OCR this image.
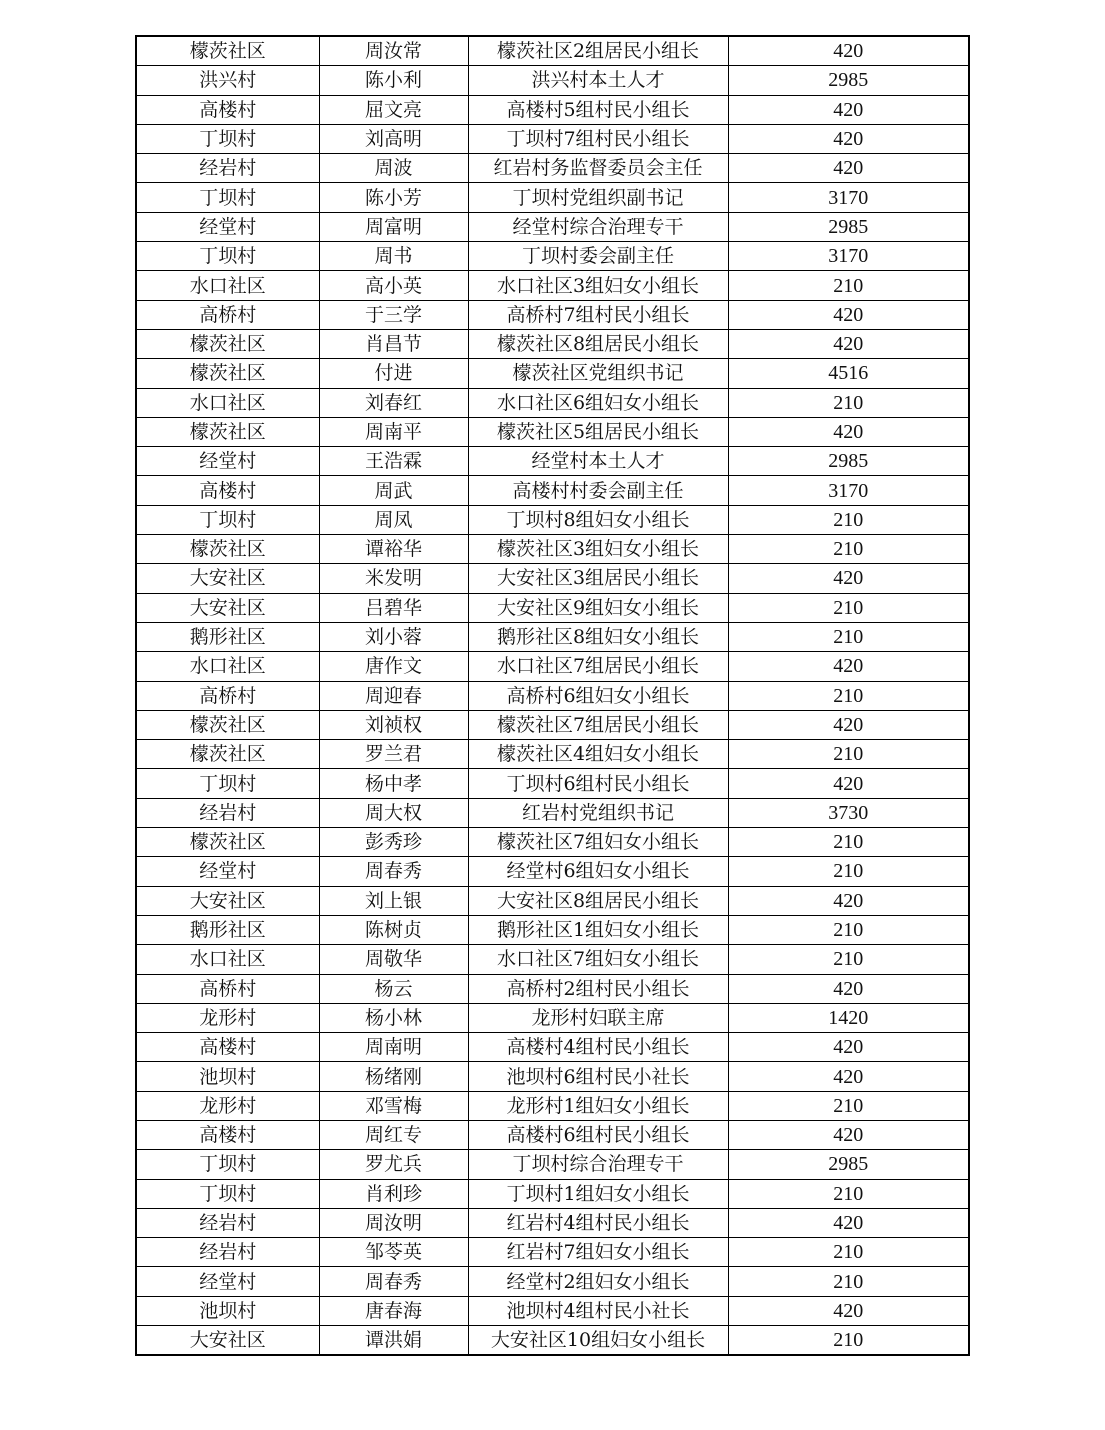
檬茨社区	周汝常	檬茨社区2组居民小组长	420
洪兴村	陈小利	洪兴村本土人才	2985
高楼村	屈文亮	高楼村5组村民小组长	420
丁坝村	刘高明	丁坝村7组村民小组长	420
经岩村	周波	红岩村务监督委员会主任	420
丁坝村	陈小芳	丁坝村党组织副书记	3170
经堂村	周富明	经堂村综合治理专干	2985
丁坝村	周书	丁坝村委会副主任	3170
水口社区	高小英	水口社区3组妇女小组长	210
高桥村	于三学	高桥村7组村民小组长	420
檬茨社区	肖昌节	檬茨社区8组居民小组长	420
檬茨社区	付进	檬茨社区党组织书记	4516
水口社区	刘春红	水口社区6组妇女小组长	210
檬茨社区	周南平	檬茨社区5组居民小组长	420
经堂村	王浩霖	经堂村本土人才	2985
高楼村	周武	高楼村村委会副主任	3170
丁坝村	周凤	丁坝村8组妇女小组长	210
檬茨社区	谭裕华	檬茨社区3组妇女小组长	210
大安社区	米发明	大安社区3组居民小组长	420
大安社区	吕碧华	大安社区9组妇女小组长	210
鹅形社区	刘小蓉	鹅形社区8组妇女小组长	210
水口社区	唐作文	水口社区7组居民小组长	420
高桥村	周迎春	高桥村6组妇女小组长	210
檬茨社区	刘祯权	檬茨社区7组居民小组长	420
檬茨社区	罗兰君	檬茨社区4组妇女小组长	210
丁坝村	杨中孝	丁坝村6组村民小组长	420
经岩村	周大权	红岩村党组织书记	3730
檬茨社区	彭秀珍	檬茨社区7组妇女小组长	210
经堂村	周春秀	经堂村6组妇女小组长	210
大安社区	刘上银	大安社区8组居民小组长	420
鹅形社区	陈树贞	鹅形社区1组妇女小组长	210
水口社区	周敬华	水口社区7组妇女小组长	210
高桥村	杨云	高桥村2组村民小组长	420
龙形村	杨小林	龙形村妇联主席	1420
高楼村	周南明	高楼村4组村民小组长	420
池坝村	杨绪刚	池坝村6组村民小社长	420
龙形村	邓雪梅	龙形村1组妇女小组长	210
高楼村	周红专	高楼村6组村民小组长	420
丁坝村	罗尤兵	丁坝村综合治理专干	2985
丁坝村	肖利珍	丁坝村1组妇女小组长	210
经岩村	周汝明	红岩村4组村民小组长	420
经岩村	邹苓英	红岩村7组妇女小组长	210
经堂村	周春秀	经堂村2组妇女小组长	210
池坝村	唐春海	池坝村4组村民小社长	420
大安社区	谭洪娟	大安社区10组妇女小组长	210
